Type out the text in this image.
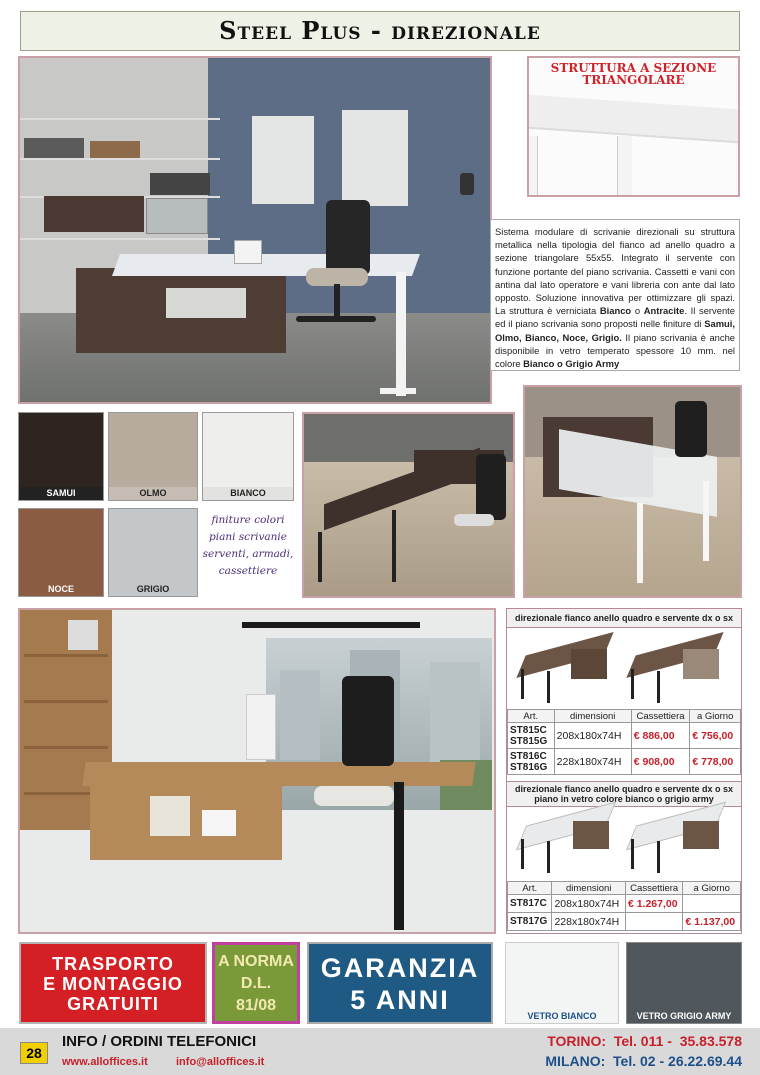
Steel Plus - direzionale
STRUTTURA A SEZIONE TRIANGOLARE
Sistema modulare di scrivanie direzionali su struttura metallica nella tipologia del fianco ad anello quadro a sezione triangolare 55x55. Integrato il servente con funzione portante del piano scrivania. Cassetti e vani con antina dal lato operatore e vani libreria con ante dal lato opposto. Soluzione innovativa per ottimizzare gli spazi. La struttura è verniciata Bianco o Antracite. Il servente ed il piano scrivania sono proposti nelle finiture di Samui, Olmo, Bianco, Noce, Grigio. Il piano scrivania è anche disponibile in vetro temperato spessore 10 mm. nel colore Bianco o Grigio Army
SAMUI	OLMO	BIANCO
NOCE	GRIGIO
finiture colori
piani scrivanie
serventi, armadi,
cassettiere
direzionale fianco anello quadro e servente dx o sx
Art.	dimensioni	Cassettiera	a Giorno
ST815C
ST815G	208x180x74H	€ 886,00	€ 756,00
ST816C
ST816G	228x180x74H	€ 908,00	€ 778,00
direzionale fianco anello quadro e servente dx o sx
piano in vetro colore bianco o grigio army
Art.	dimensioni	Cassettiera	a Giorno
ST817C	208x180x74H	€ 1.267,00	
ST817G	228x180x74H		€ 1.137,00
TRASPORTO
E MONTAGGIO
GRATUITI
A NORMA
D.L.
81/08
GARANZIA
5 ANNI
VETRO BIANCO	VETRO GRIGIO ARMY
28
INFO / ORDINI TELEFONICI
www.alloffices.it	info@alloffices.it
TORINO:  Tel. 011 -  35.83.578
MILANO:  Tel. 02 - 26.22.69.44
